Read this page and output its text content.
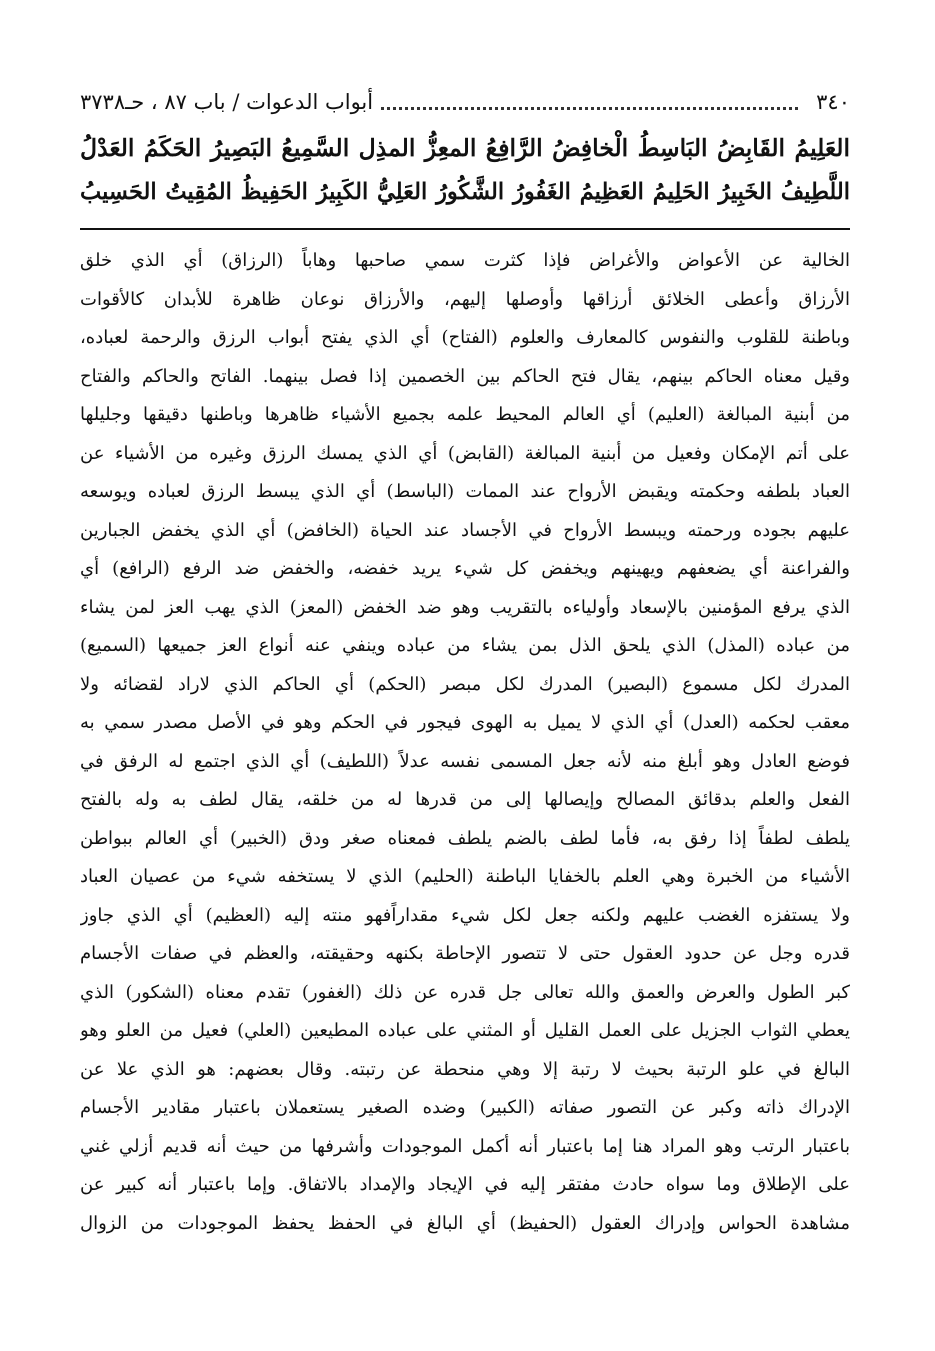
٣٤٠
أبواب الدعوات / باب ٨٧ ، حـ٣٧٣٨
العَلِيمُ القَابِضُ البَاسِطُ الْخافِضُ الرَّافِعُ المعِزُّ المذِل السَّمِيعُ البَصِيرُ الحَكَمُ العَدْلُ
اللَّطِيفُ الخَبِيرُ الحَلِيمُ العَظِيمُ الغَفُورُ الشَّكُورُ العَلِيُّ الكَبِيرُ الحَفِيظُ المُقِيتُ الحَسِيبُ
الخالية عن الأعواض والأغراض فإذا كثرت سمي صاحبها وهاباً (الرزاق) أي الذي خلق
الأرزاق وأعطى الخلائق أرزاقها وأوصلها إليهم، والأرزاق نوعان ظاهرة للأبدان كالأقوات
وباطنة للقلوب والنفوس كالمعارف والعلوم (الفتاح) أي الذي يفتح أبواب الرزق والرحمة لعباده،
وقيل معناه الحاكم بينهم، يقال فتح الحاكم بين الخصمين إذا فصل بينهما. الفاتح والحاكم والفتاح
من أبنية المبالغة (العليم) أي العالم المحيط علمه بجميع الأشياء ظاهرها وباطنها دقيقها وجليلها
على أتم الإمكان وفعيل من أبنية المبالغة (القابض) أي الذي يمسك الرزق وغيره من الأشياء عن
العباد بلطفه وحكمته ويقبض الأرواح عند الممات (الباسط) أي الذي يبسط الرزق لعباده ويوسعه
عليهم بجوده ورحمته ويبسط الأرواح في الأجساد عند الحياة (الخافض) أي الذي يخفض الجبارين
والفراعنة أي يضعفهم ويهينهم ويخفض كل شيء يريد خفضه، والخفض ضد الرفع (الرافع) أي
الذي يرفع المؤمنين بالإسعاد وأولياءه بالتقريب وهو ضد الخفض (المعز) الذي يهب العز لمن يشاء
من عباده (المذل) الذي يلحق الذل بمن يشاء من عباده وينفي عنه أنواع العز جميعها (السميع)
المدرك لكل مسموع (البصير) المدرك لكل مبصر (الحكم) أي الحاكم الذي لاراد لقضائه ولا
معقب لحكمه (العدل) أي الذي لا يميل به الهوى فيجور في الحكم وهو في الأصل مصدر سمي به
فوضع العادل وهو أبلغ منه لأنه جعل المسمى نفسه عدلاً (اللطيف) أي الذي اجتمع له الرفق في
الفعل والعلم بدقائق المصالح وإيصالها إلى من قدرها له من خلقه، يقال لطف به وله بالفتح
يلطف لطفاً إذا رفق به، فأما لطف بالضم يلطف فمعناه صغر ودق (الخبير) أي العالم ببواطن
الأشياء من الخبرة وهي العلم بالخفايا الباطنة (الحليم) الذي لا يستخفه شيء من عصيان العباد
ولا يستفزه الغضب عليهم ولكنه جعل لكل شيء مقداراًفهو منته إليه (العظيم) أي الذي جاوز
قدره وجل عن حدود العقول حتى لا تتصور الإحاطة بكنهه وحقيقته، والعظم في صفات الأجسام
كبر الطول والعرض والعمق والله تعالى جل قدره عن ذلك (الغفور) تقدم معناه (الشكور) الذي
يعطي الثواب الجزيل على العمل القليل أو المثني على عباده المطيعين (العلي) فعيل من العلو وهو
البالغ في علو الرتبة بحيث لا رتبة إلا وهي منحطة عن رتبته. وقال بعضهم: هو الذي علا عن
الإدراك ذاته وكبر عن التصور صفاته (الكبير) وضده الصغير يستعملان باعتبار مقادير الأجسام
باعتبار الرتب وهو المراد هنا إما باعتبار أنه أكمل الموجودات وأشرفها من حيث أنه قديم أزلي غني
على الإطلاق وما سواه حادث مفتقر إليه في الإيجاد والإمداد بالاتفاق. وإما باعتبار أنه كبير عن
مشاهدة الحواس وإدراك العقول (الحفيظ) أي البالغ في الحفظ يحفظ الموجودات من الزوال
